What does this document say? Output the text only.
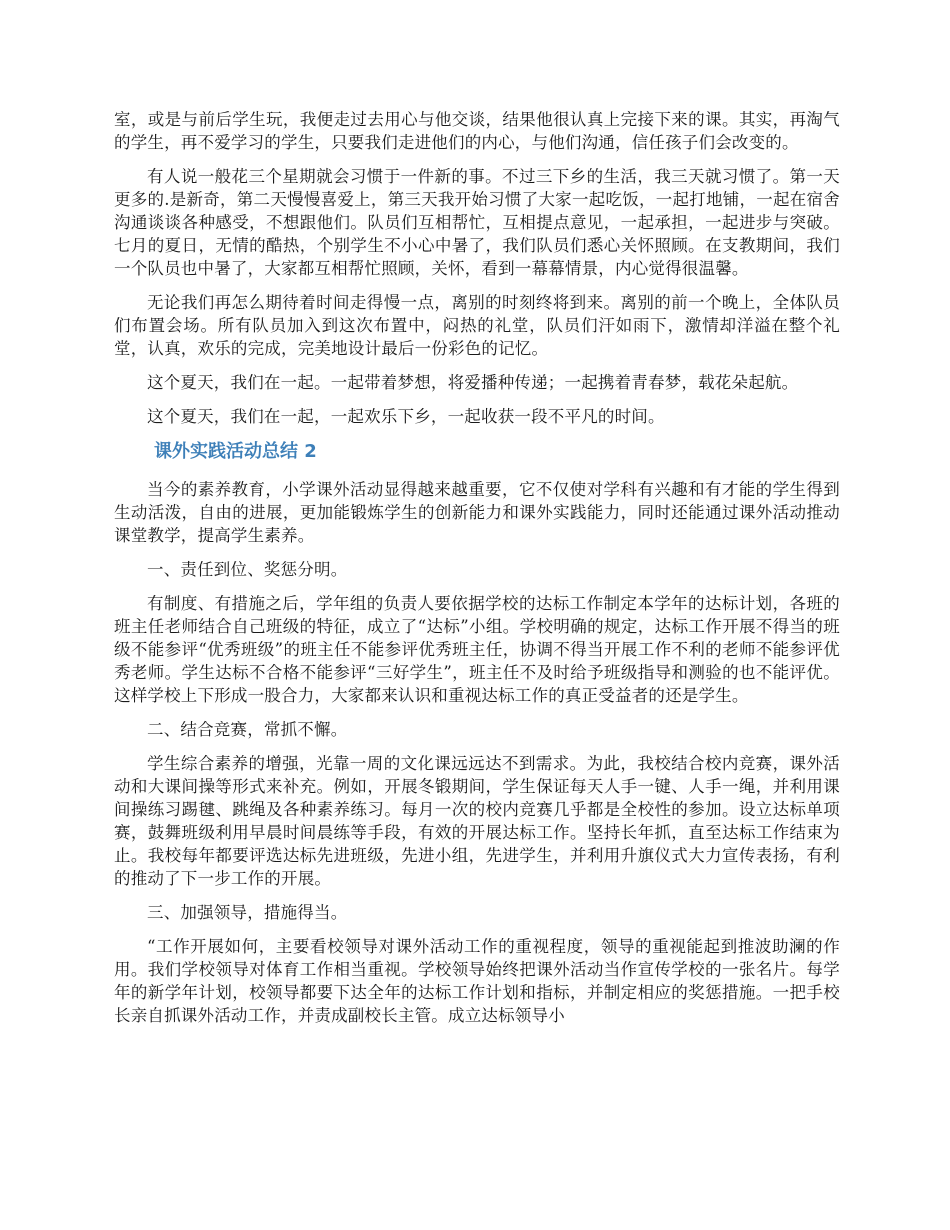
室，或是与前后学生玩，我便走过去用心与他交谈，结果他很认真上完接下来的课。其实，再淘气的学生，再不爱学习的学生，只要我们走进他们的内心，与他们沟通，信任孩子们会改变的。

有人说一般花三个星期就会习惯于一件新的事。不过三下乡的生活，我三天就习惯了。第一天更多的.是新奇，第二天慢慢喜爱上，第三天我开始习惯了大家一起吃饭，一起打地铺，一起在宿舍沟通谈谈各种感受，不想跟他们。队员们互相帮忙，互相提点意见，一起承担，一起进步与突破。七月的夏日，无情的酷热，个别学生不小心中暑了，我们队员们悉心关怀照顾。在支教期间，我们一个队员也中暑了，大家都互相帮忙照顾，关怀，看到一幕幕情景，内心觉得很温馨。

无论我们再怎么期待着时间走得慢一点，离别的时刻终将到来。离别的前一个晚上，全体队员们布置会场。所有队员加入到这次布置中，闷热的礼堂，队员们汗如雨下，激情却洋溢在整个礼堂，认真，欢乐的完成，完美地设计最后一份彩色的记忆。

这个夏天，我们在一起。一起带着梦想，将爱播种传递；一起携着青春梦，载花朵起航。

这个夏天，我们在一起，一起欢乐下乡，一起收获一段不平凡的时间。

课外实践活动总结 2

当今的素养教育，小学课外活动显得越来越重要，它不仅使对学科有兴趣和有才能的学生得到生动活泼，自由的进展，更加能锻炼学生的创新能力和课外实践能力，同时还能通过课外活动推动课堂教学，提高学生素养。

一、责任到位、奖惩分明。

有制度、有措施之后，学年组的负责人要依据学校的达标工作制定本学年的达标计划，各班的班主任老师结合自己班级的特征，成立了“达标”小组。学校明确的规定，达标工作开展不得当的班级不能参评“优秀班级”的班主任不能参评优秀班主任，协调不得当开展工作不利的老师不能参评优秀老师。学生达标不合格不能参评“三好学生”，班主任不及时给予班级指导和测验的也不能评优。这样学校上下形成一股合力，大家都来认识和重视达标工作的真正受益者的还是学生。

二、结合竞赛，常抓不懈。

学生综合素养的增强，光靠一周的文化课远远达不到需求。为此，我校结合校内竞赛，课外活动和大课间操等形式来补充。例如，开展冬锻期间，学生保证每天人手一键、人手一绳，并利用课间操练习踢毽、跳绳及各种素养练习。每月一次的校内竞赛几乎都是全校性的参加。设立达标单项赛，鼓舞班级利用早晨时间晨练等手段，有效的开展达标工作。坚持长年抓，直至达标工作结束为止。我校每年都要评选达标先进班级，先进小组，先进学生，并利用升旗仪式大力宣传表扬，有利的推动了下一步工作的开展。

三、加强领导，措施得当。

“工作开展如何，主要看校领导对课外活动工作的重视程度，领导的重视能起到推波助澜的作用。我们学校领导对体育工作相当重视。学校领导始终把课外活动当作宣传学校的一张名片。每学年的新学年计划，校领导都要下达全年的达标工作计划和指标，并制定相应的奖惩措施。一把手校长亲自抓课外活动工作，并责成副校长主管。成立达标领导小
